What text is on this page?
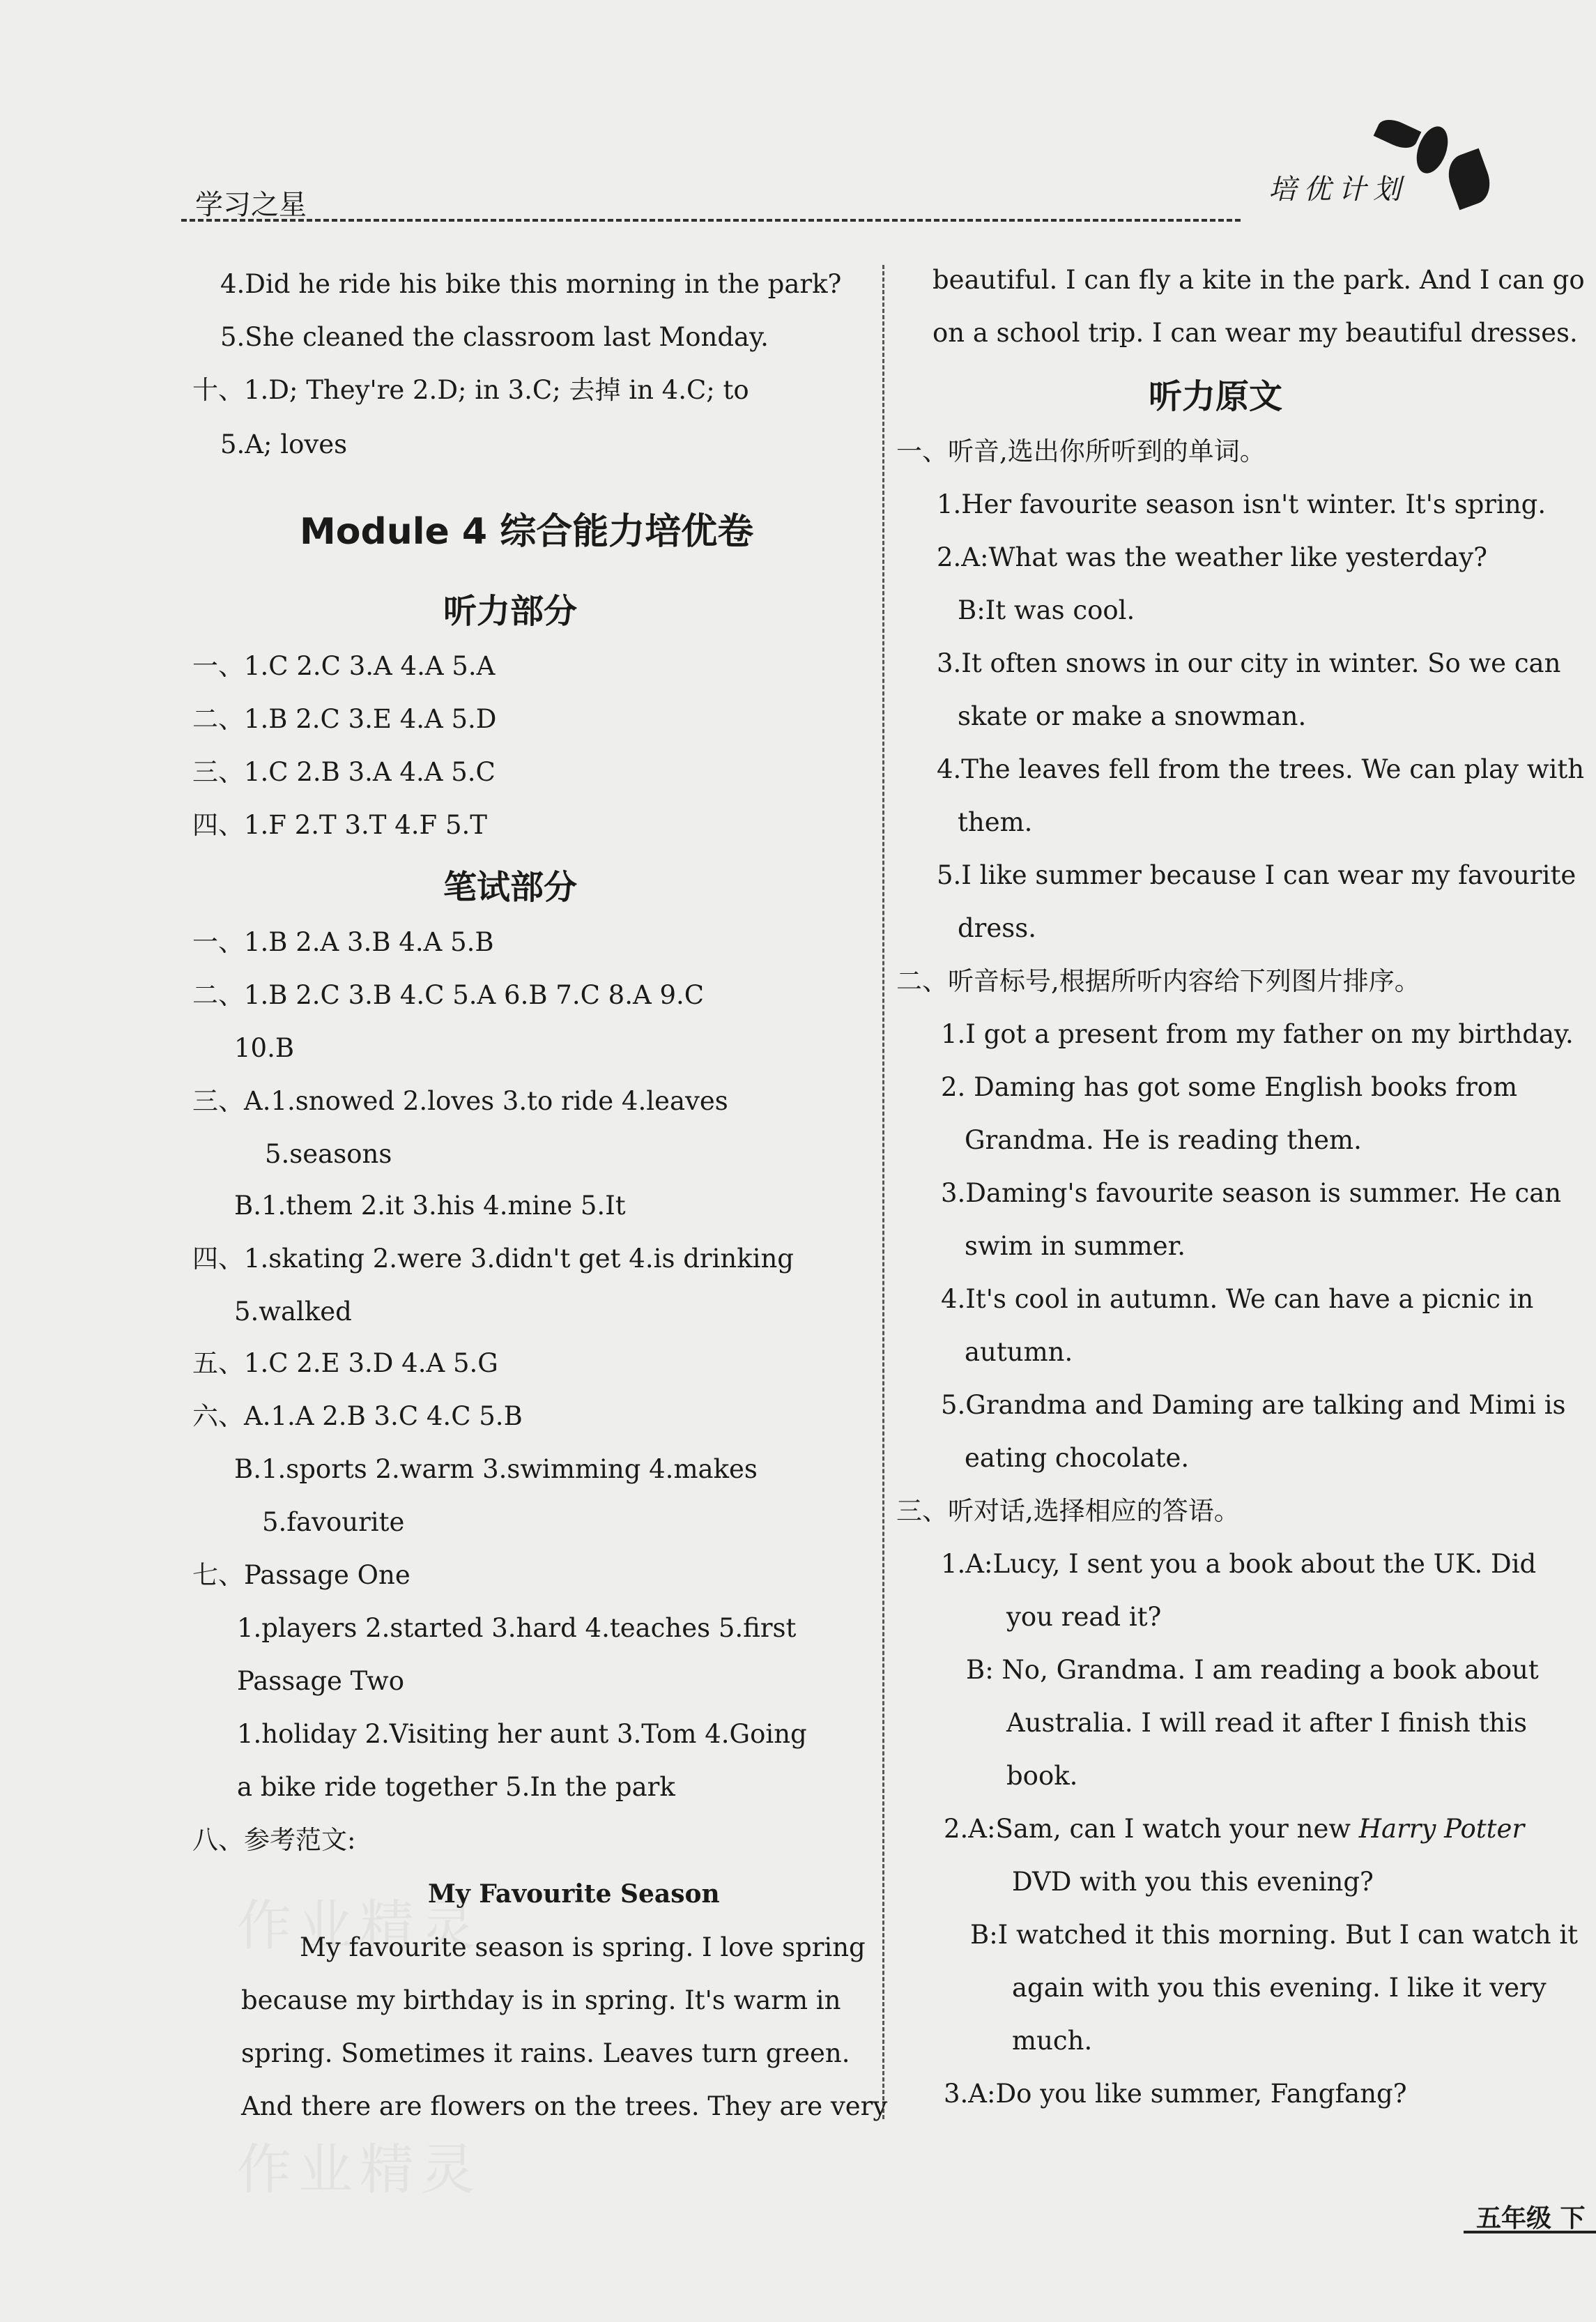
学习之星	培优计划
作业精灵
作业精灵
4.Did he ride his bike this morning in the park?
5.She cleaned the classroom last Monday.
十、1.D; They're 2.D; in 3.C; 去掉 in 4.C; to
5.A; loves
Module 4 综合能力培优卷
听力部分
一、1.C 2.C 3.A 4.A 5.A
二、1.B 2.C 3.E 4.A 5.D
三、1.C 2.B 3.A 4.A 5.C
四、1.F 2.T 3.T 4.F 5.T
笔试部分
一、1.B 2.A 3.B 4.A 5.B
二、1.B 2.C 3.B 4.C 5.A 6.B 7.C 8.A 9.C
10.B
三、A.1.snowed 2.loves 3.to ride 4.leaves
5.seasons
B.1.them 2.it 3.his 4.mine 5.It
四、1.skating 2.were 3.didn't get 4.is drinking
5.walked
五、1.C 2.E 3.D 4.A 5.G
六、A.1.A 2.B 3.C 4.C 5.B
B.1.sports 2.warm 3.swimming 4.makes
5.favourite
七、Passage One
1.players 2.started 3.hard 4.teaches 5.first
Passage Two
1.holiday 2.Visiting her aunt 3.Tom 4.Going
a bike ride together 5.In the park
八、参考范文:
My Favourite Season
My favourite season is spring. I love spring
because my birthday is in spring. It's warm in
spring. Sometimes it rains. Leaves turn green.
And there are flowers on the trees. They are very
beautiful. I can fly a kite in the park. And I can go
on a school trip. I can wear my beautiful dresses.
听力原文
一、听音,选出你所听到的单词。
1.Her favourite season isn't winter. It's spring.
2.A:What was the weather like yesterday?
B:It was cool.
3.It often snows in our city in winter. So we can
skate or make a snowman.
4.The leaves fell from the trees. We can play with
them.
5.I like summer because I can wear my favourite
dress.
二、听音标号,根据所听内容给下列图片排序。
1.I got a present from my father on my birthday.
2. Daming has got some English books from
Grandma. He is reading them.
3.Daming's favourite season is summer. He can
swim in summer.
4.It's cool in autumn. We can have a picnic in
autumn.
5.Grandma and Daming are talking and Mimi is
eating chocolate.
三、听对话,选择相应的答语。
1.A:Lucy, I sent you a book about the UK. Did
you read it?
B: No, Grandma. I am reading a book about
Australia. I will read it after I finish this
book.
2.A:Sam, can I watch your new Harry Potter
DVD with you this evening?
B:I watched it this morning. But I can watch it
again with you this evening. I like it very
much.
3.A:Do you like summer, Fangfang?
五年级 下
